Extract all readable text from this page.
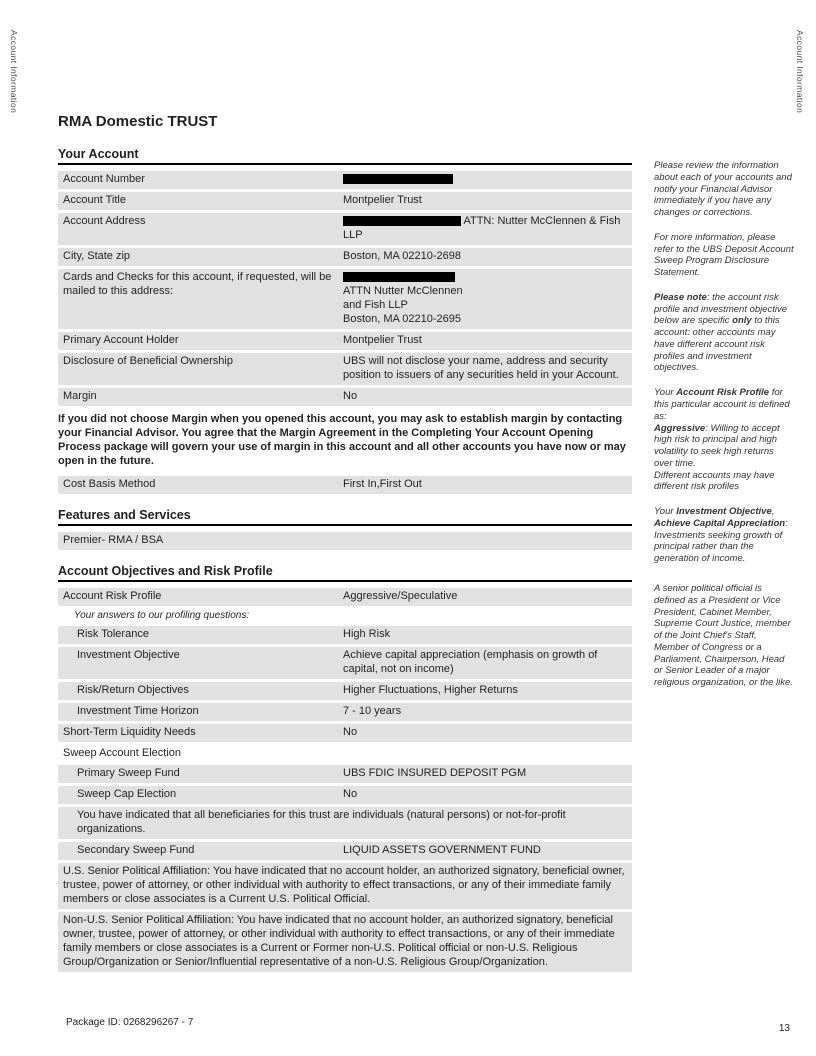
Account Information	Account Information
RMA Domestic TRUST
Your Account
Account Number
Account Title	Montpelier Trust
Account Address	ATTN: Nutter McClennen & Fish LLP
City, State zip	Boston, MA 02210-2698
Cards and Checks for this account, if requested, will be mailed to this address:	ATTN Nutter McClennen
and Fish LLP
Boston, MA 02210-2695
Primary Account Holder	Montpelier Trust
Disclosure of Beneficial Ownership	UBS will not disclose your name, address and security position to issuers of any securities held in your Account.
Margin	No

If you did not choose Margin when you opened this account, you may ask to establish margin by contacting your Financial Advisor. You agree that the Margin Agreement in the Completing Your Account Opening Process package will govern your use of margin in this account and all other accounts you have now or may open in the future.

Cost Basis Method	First In,First Out
Features and Services
Premier- RMA / BSA
Account Objectives and Risk Profile
Account Risk Profile	Aggressive/Speculative
Your answers to our profiling questions:
Risk Tolerance	High Risk
Investment Objective	Achieve capital appreciation (emphasis on growth of capital, not on income)
Risk/Return Objectives	Higher Fluctuations, Higher Returns
Investment Time Horizon	7 - 10 years
Short-Term Liquidity Needs	No
Sweep Account Election
Primary Sweep Fund	UBS FDIC INSURED DEPOSIT PGM
Sweep Cap Election	No
You have indicated that all beneficiaries for this trust are individuals (natural persons) or not-for-profit organizations.
Secondary Sweep Fund	LIQUID ASSETS GOVERNMENT FUND
U.S. Senior Political Affiliation: You have indicated that no account holder, an authorized signatory, beneficial owner, trustee, power of attorney, or other individual with authority to effect transactions, or any of their immediate family members or close associates is a Current U.S. Political Official.
Non-U.S. Senior Political Affiliation: You have indicated that no account holder, an authorized signatory, beneficial owner, trustee, power of attorney, or other individual with authority to effect transactions, or any of their immediate family members or close associates is a Current or Former non-U.S. Political official or non-U.S. Religious Group/Organization or Senior/Influential representative of a non-U.S. Religious Group/Organization.

Please review the information about each of your accounts and notify your Financial Advisor immediately if you have any changes or corrections.

For more information, please refer to the UBS Deposit Account Sweep Program Disclosure Statement.

Please note: the account risk profile and investment objective below are specific only to this account: other accounts may have different account risk profiles and investment objectives.

Your Account Risk Profile for this particular account is defined as:
Aggressive: Willing to accept high risk to principal and high volatility to seek high returns over time.
Different accounts may have different risk profiles

Your Investment Objective, Achieve Capital Appreciation: Investments seeking growth of principal rather than the generation of income.

A senior political official is defined as a President or Vice President, Cabinet Member, Supreme Court Justice, member of the Joint Chief's Staff, Member of Congress or a Parliament, Chairperson, Head or Senior Leader of a major religious organization, or the like.

Package ID: 0268296267 - 7
13
